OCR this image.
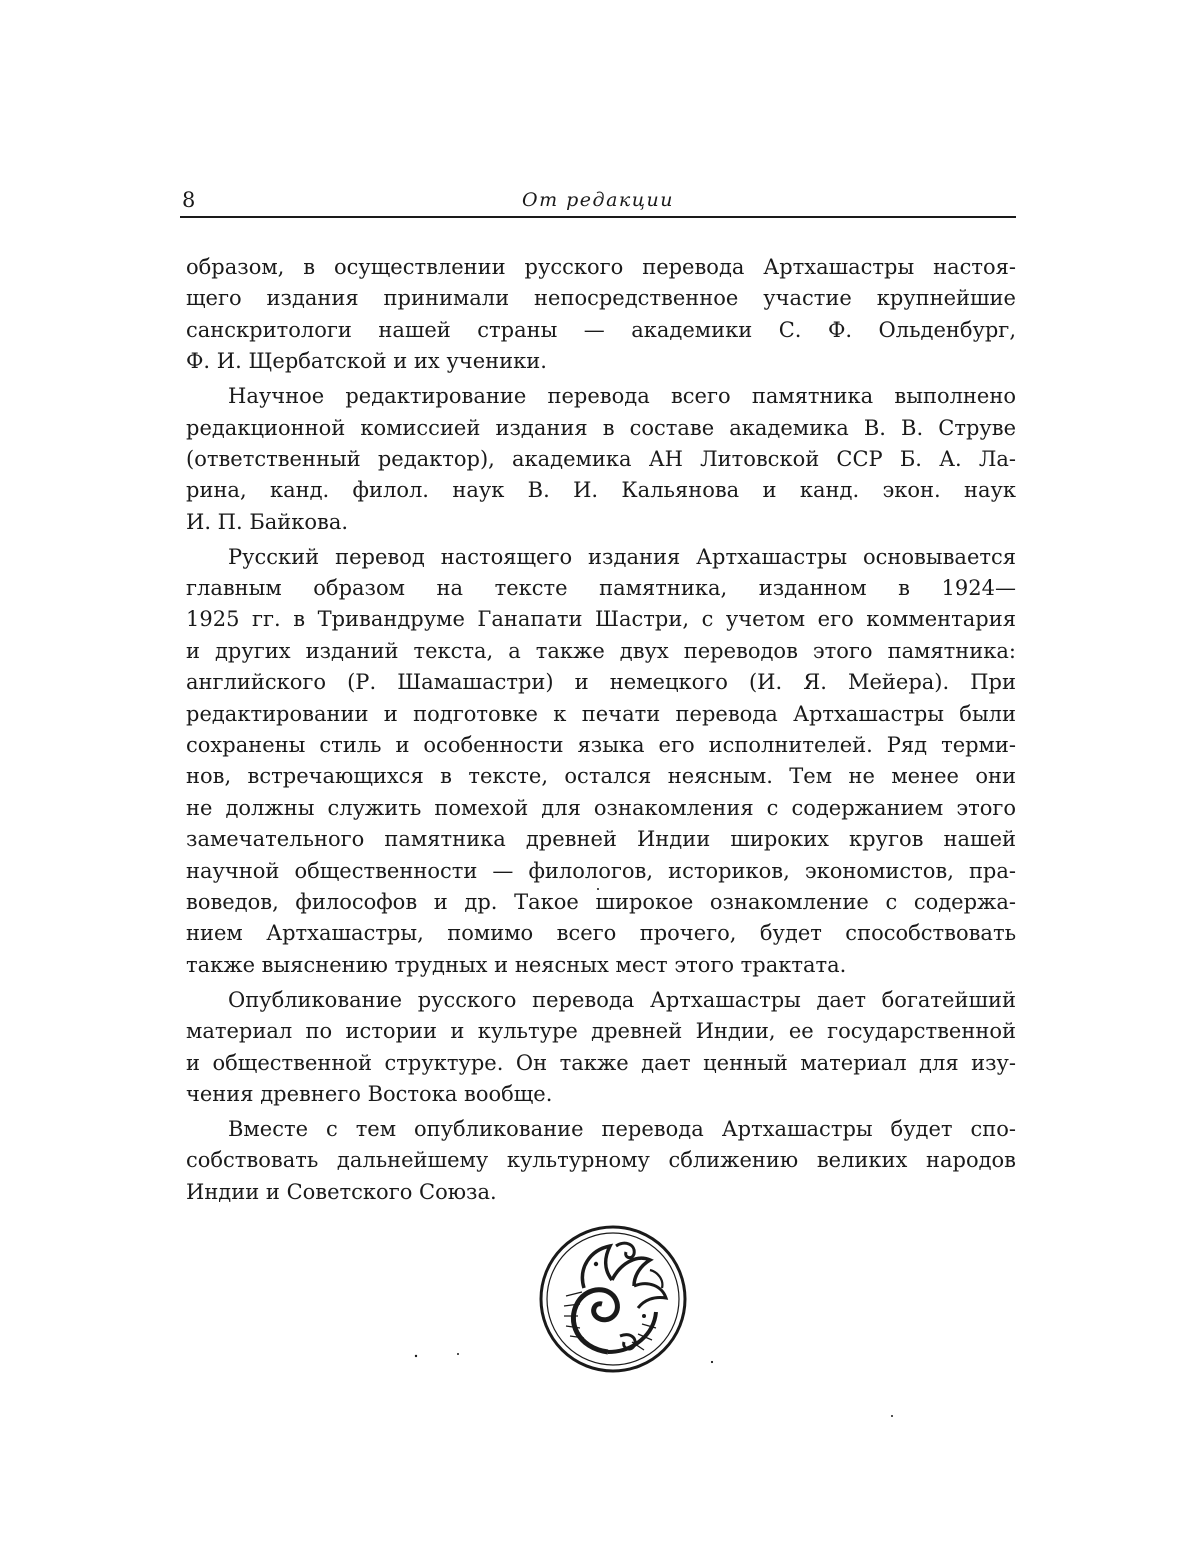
8	От редакции
образом, в осуществлении русского перевода Артхашастры настоя-
щего издания принимали непосредственное участие крупнейшие
санскритологи нашей страны — академики С. Ф. Ольденбург,
Ф. И. Щербатской и их ученики.
Научное редактирование перевода всего памятника выполнено
редакционной комиссией издания в составе академика В. В. Струве
(ответственный редактор), академика АН Литовской ССР Б. А. Ла-
рина, канд. филол. наук В. И. Кальянова и канд. экон. наук
И. П. Байкова.
Русский перевод настоящего издания Артхашастры основывается
главным образом на тексте памятника, изданном в 1924—
1925 гг. в Тривандруме Ганапати Шастри, с учетом его комментария
и других изданий текста, а также двух переводов этого памятника:
английского (Р. Шамашастри) и немецкого (И. Я. Мейера). При
редактировании и подготовке к печати перевода Артхашастры были
сохранены стиль и особенности языка его исполнителей. Ряд терми-
нов, встречающихся в тексте, остался неясным. Тем не менее они
не должны служить помехой для ознакомления с содержанием этого
замечательного памятника древней Индии широких кругов нашей
научной общественности — филологов, историков, экономистов, пра-
воведов, философов и др. Такое широкое ознакомление с содержа-
нием Артхашастры, помимо всего прочего, будет способствовать
также выяснению трудных и неясных мест этого трактата.
Опубликование русского перевода Артхашастры дает богатейший
материал по истории и культуре древней Индии, ее государственной
и общественной структуре. Он также дает ценный материал для изу-
чения древнего Востока вообще.
Вместе с тем опубликование перевода Артхашастры будет спо-
собствовать дальнейшему культурному сближению великих народов
Индии и Советского Союза.
